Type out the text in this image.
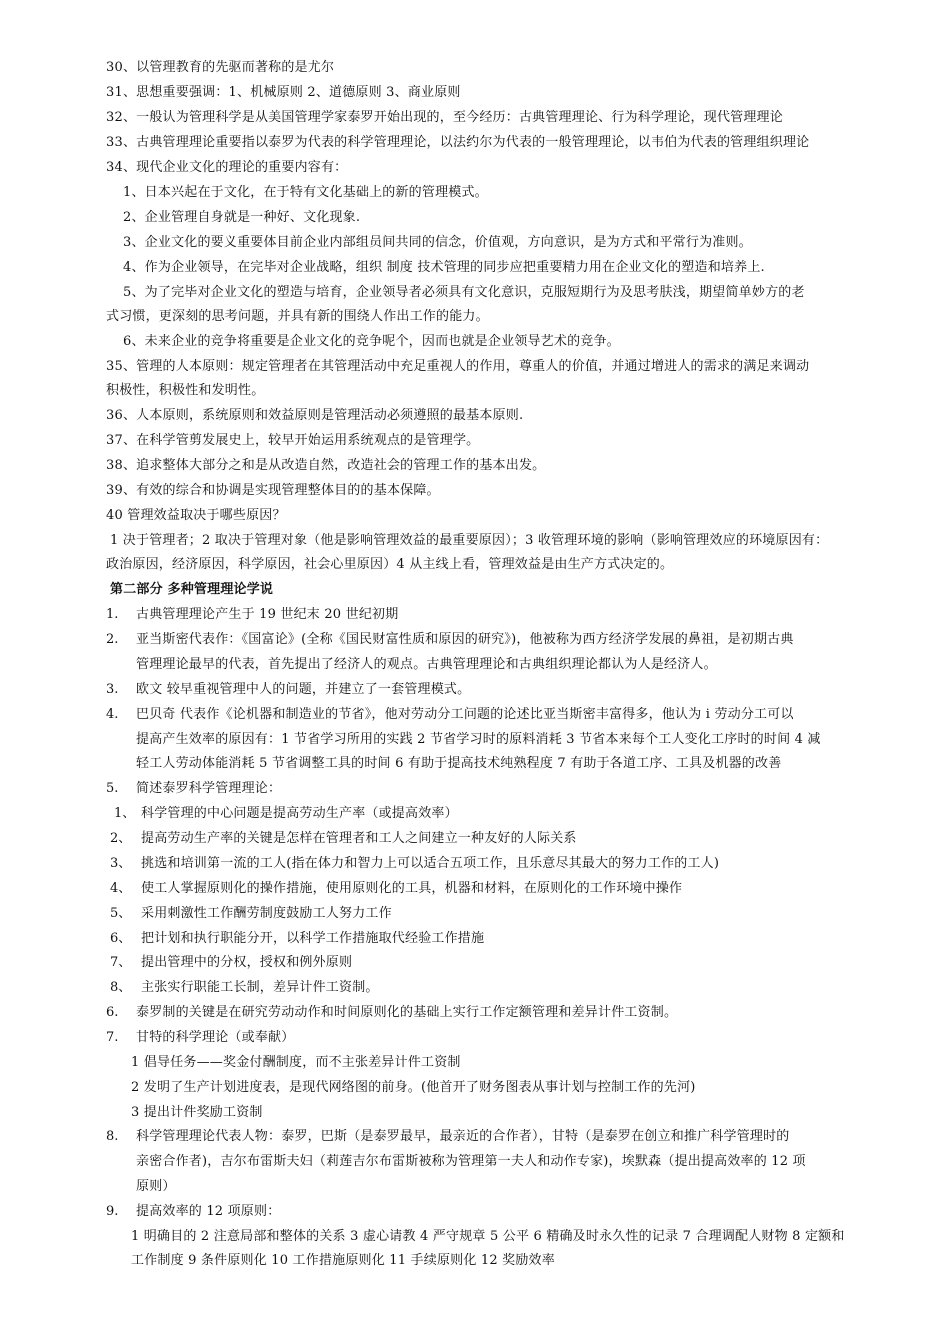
30、以管理教育的先驱而著称的是尤尔
31、思想重要强调：1、机械原则 2、道德原则 3、商业原则
32、一般认为管理科学是从美国管理学家泰罗开始出现的，至今经历：古典管理理论、行为科学理论，现代管理理论
33、古典管理理论重要指以泰罗为代表的科学管理理论，以法约尔为代表的一般管理理论，以韦伯为代表的管理组织理论
34、现代企业文化的理论的重要内容有：
1、日本兴起在于文化，在于特有文化基础上的新的管理模式。
2、企业管理自身就是一种好、文化现象.
3、企业文化的要义重要体目前企业内部组员间共同的信念，价值观，方向意识，是为方式和平常行为准则。
4、作为企业领导，在完毕对企业战略，组织 制度 技术管理的同步应把重要精力用在企业文化的塑造和培养上.
5、为了完毕对企业文化的塑造与培育，企业领导者必须具有文化意识，克服短期行为及思考肤浅，期望简单妙方的老
式习惯，更深刻的思考问题，并具有新的围绕人作出工作的能力。
6、未来企业的竞争将重要是企业文化的竞争呢个，因而也就是企业领导艺术的竞争。
35、管理的人本原则：规定管理者在其管理活动中充足重视人的作用，尊重人的价值，并通过增进人的需求的满足来调动
积极性，积极性和发明性。
36、人本原则，系统原则和效益原则是管理活动必须遵照的最基本原则.
37、在科学管剪发展史上，较早开始运用系统观点的是管理学。
38、追求整体大部分之和是从改造自然，改造社会的管理工作的基本出发。
39、有效的综合和协调是实现管理整体目的的基本保障。
40 管理效益取决于哪些原因？
1 决于管理者；2 取决于管理对象（他是影响管理效益的最重要原因）；3 收管理环境的影响（影响管理效应的环境原因有：
政治原因，经济原因，科学原因，社会心里原因）4 从主线上看，管理效益是由生产方式决定的。
第二部分 多种管理理论学说
1. 古典管理理论产生于 19 世纪末 20 世纪初期
2. 亚当斯密代表作：《国富论》(全称《国民财富性质和原因的研究》)，他被称为西方经济学发展的鼻祖，是初期古典
管理理论最早的代表，首先提出了经济人的观点。古典管理理论和古典组织理论都认为人是经济人。
3. 欧文 较早重视管理中人的问题，并建立了一套管理模式。
4. 巴贝奇 代表作《论机器和制造业的节省》，他对劳动分工问题的论述比亚当斯密丰富得多，他认为 i 劳动分工可以
提高产生效率的原因有：1 节省学习所用的实践 2 节省学习时的原料消耗 3 节省本来每个工人变化工序时的时间 4 减
轻工人劳动体能消耗 5 节省调整工具的时间 6 有助于提高技术纯熟程度 7 有助于各道工序、工具及机器的改善
5. 简述泰罗科学管理理论：
1、 科学管理的中心问题是提高劳动生产率（或提高效率）
2、 提高劳动生产率的关键是怎样在管理者和工人之间建立一种友好的人际关系
3、 挑选和培训第一流的工人(指在体力和智力上可以适合五项工作，且乐意尽其最大的努力工作的工人)
4、 使工人掌握原则化的操作措施，使用原则化的工具，机器和材料，在原则化的工作环境中操作
5、 采用刺激性工作酬劳制度鼓励工人努力工作
6、 把计划和执行职能分开，以科学工作措施取代经验工作措施
7、 提出管理中的分权，授权和例外原则
8、 主张实行职能工长制，差异计件工资制。
6. 泰罗制的关键是在研究劳动动作和时间原则化的基础上实行工作定额管理和差异计件工资制。
7. 甘特的科学理论（或奉献）
1 倡导任务——奖金付酬制度，而不主张差异计件工资制
2 发明了生产计划进度表，是现代网络图的前身。(他首开了财务图表从事计划与控制工作的先河)
3 提出计件奖励工资制
8. 科学管理理论代表人物：泰罗，巴斯（是泰罗最早，最亲近的合作者），甘特（是泰罗在创立和推广科学管理时的
亲密合作者)，吉尔布雷斯夫妇（莉莲吉尔布雷斯被称为管理第一夫人和动作专家)，埃默森（提出提高效率的 12 项
原则）
9. 提高效率的 12 项原则：
1 明确目的 2 注意局部和整体的关系 3 虚心请教 4 严守规章 5 公平 6 精确及时永久性的记录 7 合理调配人财物 8 定额和
工作制度 9 条件原则化 10 工作措施原则化 11 手续原则化 12 奖励效率
